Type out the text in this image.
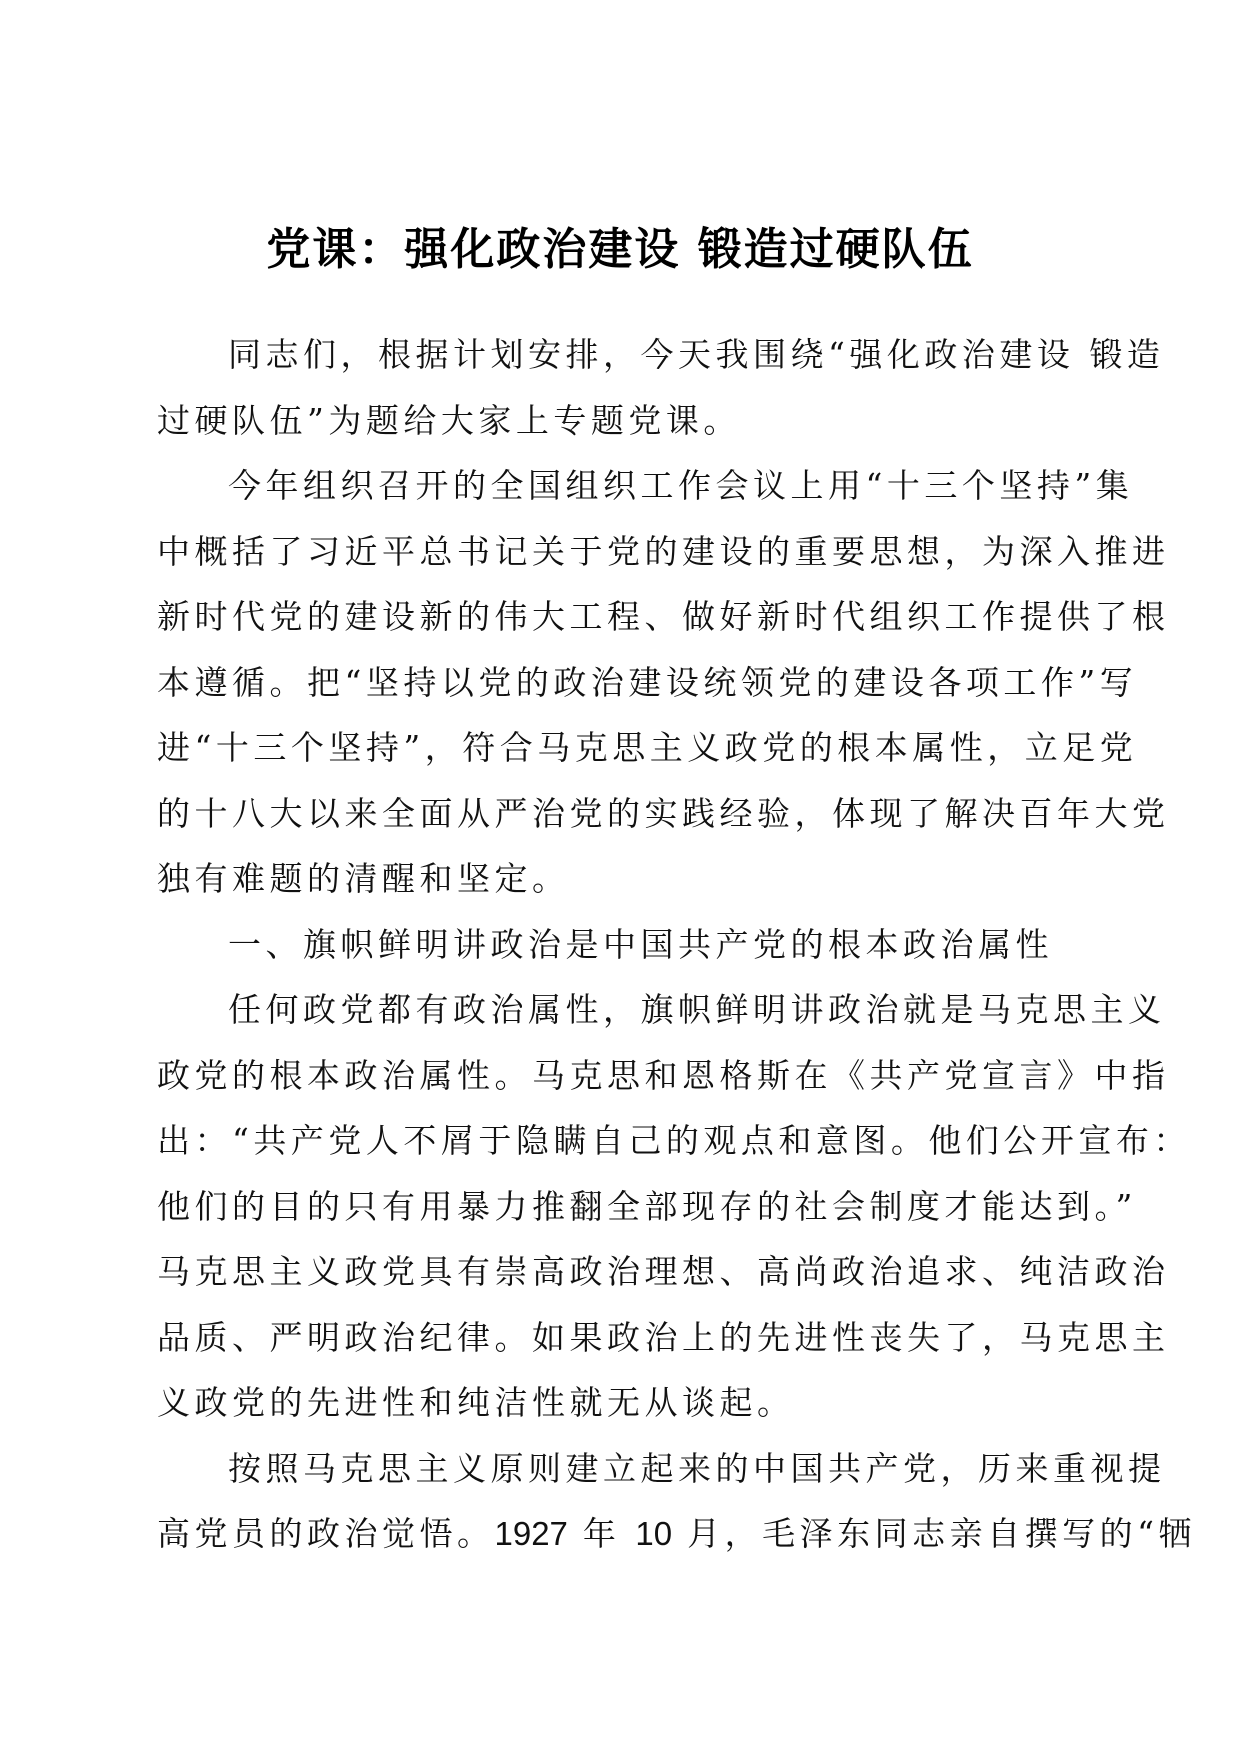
党课：强化政治建设 锻造过硬队伍
同志们，根据计划安排，今天我围绕“强化政治建设 锻造
过硬队伍”为题给大家上专题党课。
今年组织召开的全国组织工作会议上用“十三个坚持”集
中概括了习近平总书记关于党的建设的重要思想，为深入推进
新时代党的建设新的伟大工程、做好新时代组织工作提供了根
本遵循。把“坚持以党的政治建设统领党的建设各项工作”写
进“十三个坚持”，符合马克思主义政党的根本属性，立足党
的十八大以来全面从严治党的实践经验，体现了解决百年大党
独有难题的清醒和坚定。
一、旗帜鲜明讲政治是中国共产党的根本政治属性
任何政党都有政治属性，旗帜鲜明讲政治就是马克思主义
政党的根本政治属性。马克思和恩格斯在《共产党宣言》中指
出：“共产党人不屑于隐瞒自己的观点和意图。他们公开宣布：
他们的目的只有用暴力推翻全部现存的社会制度才能达到。”
马克思主义政党具有崇高政治理想、高尚政治追求、纯洁政治
品质、严明政治纪律。如果政治上的先进性丧失了，马克思主
义政党的先进性和纯洁性就无从谈起。
按照马克思主义原则建立起来的中国共产党，历来重视提
高党员的政治觉悟。1927 年 10 月，毛泽东同志亲自撰写的“牺
